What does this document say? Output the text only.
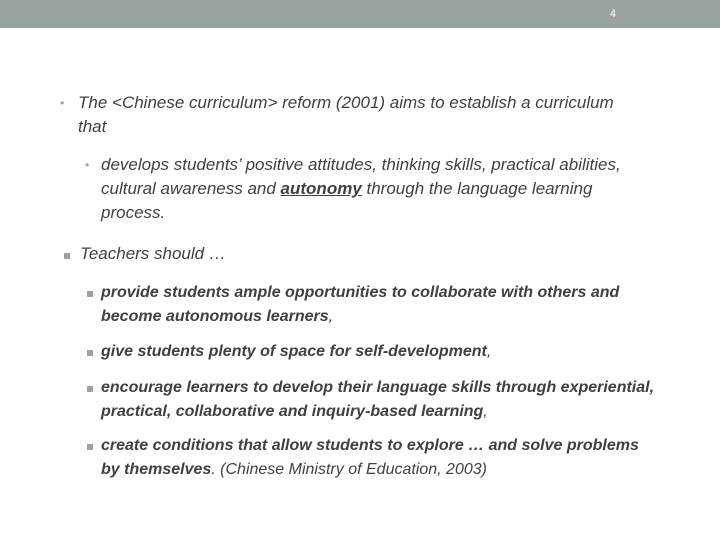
4
• The <Chinese curriculum> reform (2001) aims to establish a curriculum that
• develops students’ positive attitudes, thinking skills, practical abilities, cultural awareness and autonomy through the language learning process.
Teachers should …
provide students ample opportunities to collaborate with others and become autonomous learners,
give students plenty of space for self-development,
encourage learners to develop their language skills through experiential, practical, collaborative and inquiry-based learning,
create conditions that allow students to explore … and solve problems by themselves. (Chinese Ministry of Education, 2003)
